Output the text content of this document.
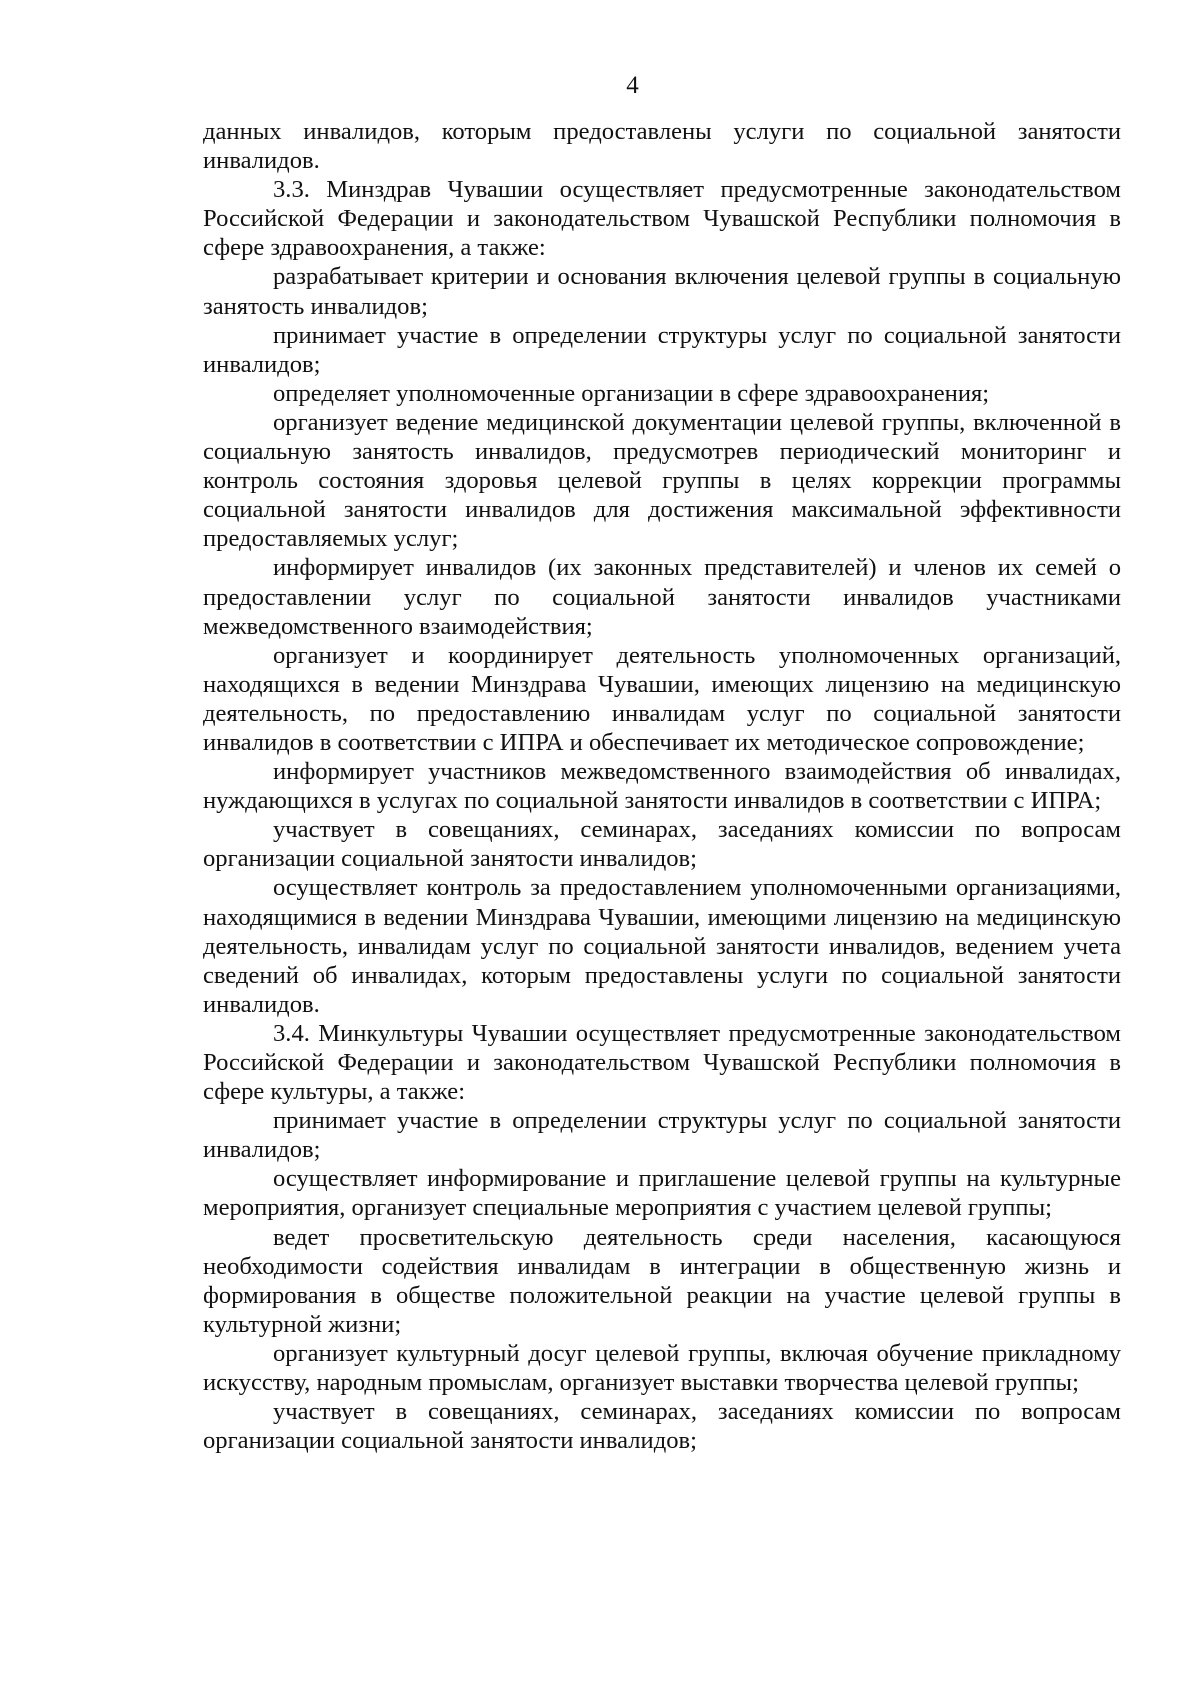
4

данных инвалидов, которым предоставлены услуги по социальной занятости инвалидов.

3.3. Минздрав Чувашии осуществляет предусмотренные законодательством Российской Федерации и законодательством Чувашской Республики полномочия в сфере здравоохранения, а также:

разрабатывает критерии и основания включения целевой группы в социальную занятость инвалидов;

принимает участие в определении структуры услуг по социальной занятости инвалидов;

определяет уполномоченные организации в сфере здравоохранения;

организует ведение медицинской документации целевой группы, включенной в социальную занятость инвалидов, предусмотрев периодический мониторинг и контроль состояния здоровья целевой группы в целях коррекции программы социальной занятости инвалидов для достижения максимальной эффективности предоставляемых услуг;

информирует инвалидов (их законных представителей) и членов их семей о предоставлении услуг по социальной занятости инвалидов участниками межведомственного взаимодействия;

организует и координирует деятельность уполномоченных организаций, находящихся в ведении Минздрава Чувашии, имеющих лицензию на медицинскую деятельность, по предоставлению инвалидам услуг по социальной занятости инвалидов в соответствии с ИПРА и обеспечивает их методическое сопровождение;

информирует участников межведомственного взаимодействия об инвалидах, нуждающихся в услугах по социальной занятости инвалидов в соответствии с ИПРА;

участвует в совещаниях, семинарах, заседаниях комиссии по вопросам организации социальной занятости инвалидов;

осуществляет контроль за предоставлением уполномоченными организациями, находящимися в ведении Минздрава Чувашии, имеющими лицензию на медицинскую деятельность, инвалидам услуг по социальной занятости инвалидов, ведением учета сведений об инвалидах, которым предоставлены услуги по социальной занятости инвалидов.

3.4. Минкультуры Чувашии осуществляет предусмотренные законодательством Российской Федерации и законодательством Чувашской Республики полномочия в сфере культуры, а также:

принимает участие в определении структуры услуг по социальной занятости инвалидов;

осуществляет информирование и приглашение целевой группы на культурные мероприятия, организует специальные мероприятия с участием целевой группы;

ведет просветительскую деятельность среди населения, касающуюся необходимости содействия инвалидам в интеграции в общественную жизнь и формирования в обществе положительной реакции на участие целевой группы в культурной жизни;

организует культурный досуг целевой группы, включая обучение прикладному искусству, народным промыслам, организует выставки творчества целевой группы;

участвует в совещаниях, семинарах, заседаниях комиссии по вопросам организации социальной занятости инвалидов;
